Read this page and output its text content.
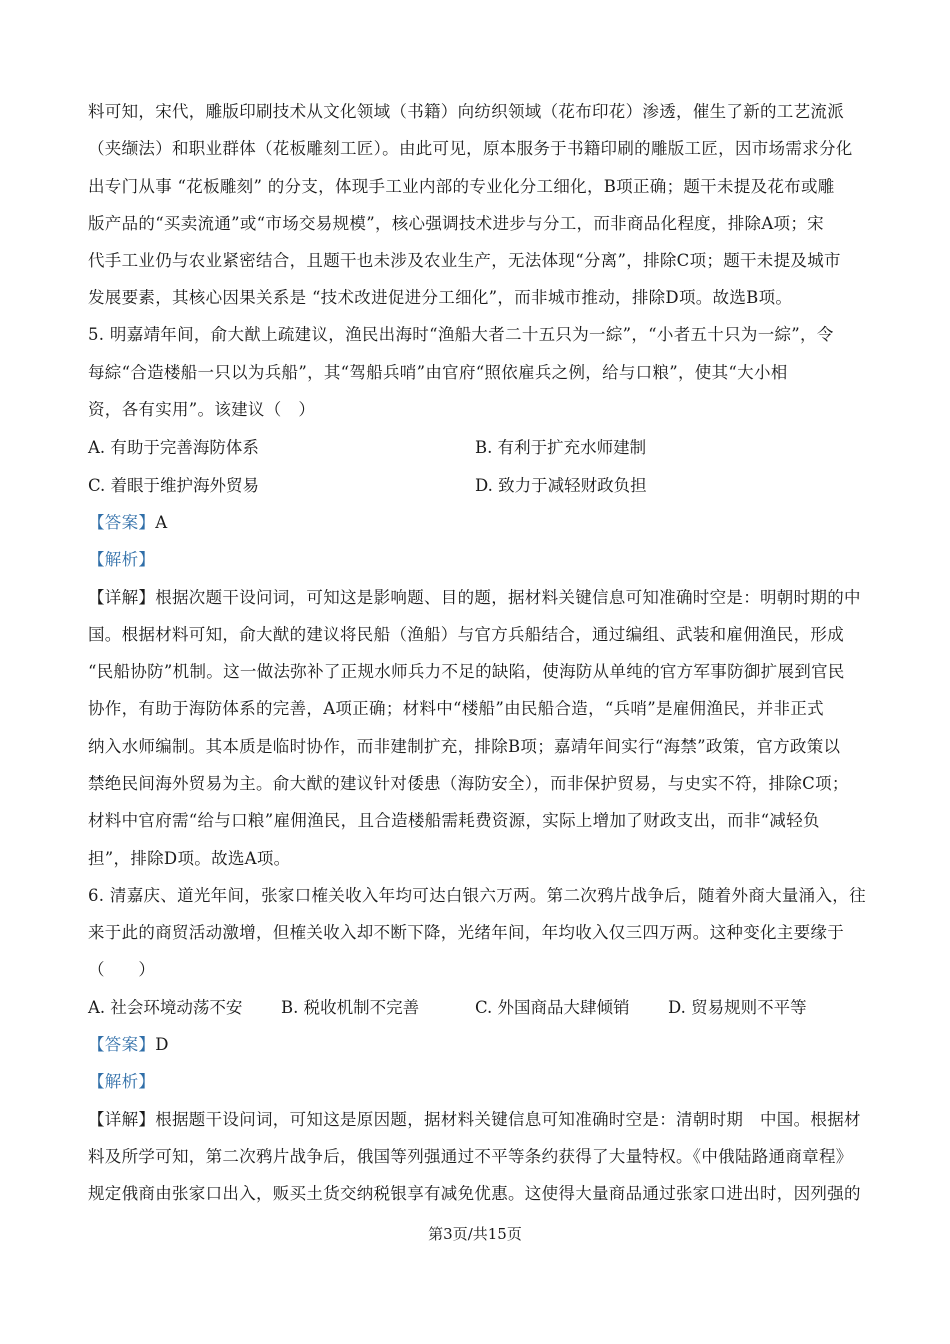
料可知，宋代，雕版印刷技术从文化领域（书籍）向纺织领域（花布印花）渗透，催生了新的工艺流派
（夹缬法）和职业群体（花板雕刻工匠）。由此可见，原本服务于书籍印刷的雕版工匠，因市场需求分化
出专门从事 “花板雕刻” 的分支，体现手工业内部的专业化分工细化，B项正确；题干未提及花布或雕
版产品的“买卖流通”或“市场交易规模”，核心强调技术进步与分工，而非商品化程度，排除A项；宋
代手工业仍与农业紧密结合，且题干也未涉及农业生产，无法体现“分离”，排除C项；题干未提及城市
发展要素，其核心因果关系是 “技术改进促进分工细化”，而非城市推动，排除D项。故选B项。
5. 明嘉靖年间，俞大猷上疏建议，渔民出海时“渔船大者二十五只为一綜”，“小者五十只为一綜”，令
每綜“合造楼船一只以为兵船”，其“驾船兵哨”由官府“照依雇兵之例，给与口粮”，使其“大小相
资，各有实用”。该建议（　）
A. 有助于完善海防体系	B. 有利于扩充水师建制
C. 着眼于维护海外贸易	D. 致力于减轻财政负担
【答案】A
【解析】
【详解】根据次题干设问词，可知这是影响题、目的题，据材料关键信息可知准确时空是：明朝时期的中
国。根据材料可知，俞大猷的建议将民船（渔船）与官方兵船结合，通过编组、武装和雇佣渔民，形成
“民船协防”机制。这一做法弥补了正规水师兵力不足的缺陷，使海防从单纯的官方军事防御扩展到官民
协作，有助于海防体系的完善，A项正确；材料中“楼船”由民船合造，“兵哨”是雇佣渔民，并非正式
纳入水师编制。其本质是临时协作，而非建制扩充，排除B项；嘉靖年间实行“海禁”政策，官方政策以
禁绝民间海外贸易为主。俞大猷的建议针对倭患（海防安全），而非保护贸易，与史实不符，排除C项；
材料中官府需“给与口粮”雇佣渔民，且合造楼船需耗费资源，实际上增加了财政支出，而非“减轻负
担”，排除D项。故选A项。
6. 清嘉庆、道光年间，张家口榷关收入年均可达白银六万两。第二次鸦片战争后，随着外商大量涌入，往
来于此的商贸活动激增，但榷关收入却不断下降，光绪年间，年均收入仅三四万两。这种变化主要缘于
（　　）
A. 社会环境动荡不安 B. 税收机制不完善	C. 外国商品大肆倾销 D. 贸易规则不平等
【答案】D
【解析】
【详解】根据题干设问词，可知这是原因题，据材料关键信息可知准确时空是：清朝时期　中国。根据材
料及所学可知，第二次鸦片战争后，俄国等列强通过不平等条约获得了大量特权。《中俄陆路通商章程》
规定俄商由张家口出入，贩买土货交纳税银享有减免优惠。这使得大量商品通过张家口进出时，因列强的
第3页/共15页
